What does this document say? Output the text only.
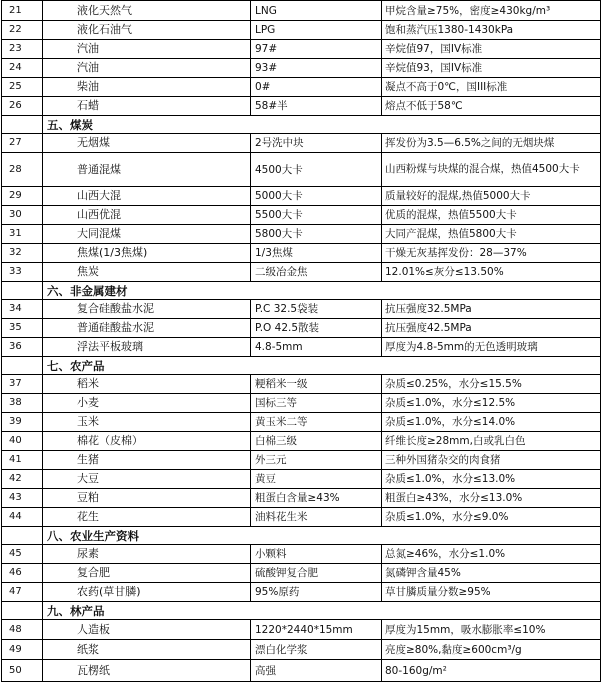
21	液化天然气	LNG	甲烷含量≥75%，密度≥430kg/m³
22	液化石油气	LPG	饱和蒸汽压1380-1430kPa
23	汽油	97#	辛烷值97，国IV标准
24	汽油	93#	辛烷值93，国IV标准
25	柴油	0#	凝点不高于0℃，国III标准
26	石蜡	58#半	熔点不低于58℃
	五、煤炭		
27	无烟煤	2号洗中块	挥发份为3.5—6.5%之间的无烟块煤
28	普通混煤	4500大卡	山西粉煤与块煤的混合煤，热值4500大卡
29	山西大混	5000大卡	质量较好的混煤,热值5000大卡
30	山西优混	5500大卡	优质的混煤，热值5500大卡
31	大同混煤	5800大卡	大同产混煤，热值5800大卡
32	焦煤(1/3焦煤)	1/3焦煤	干燥无灰基挥发份：28—37%
33	焦炭	二级冶金焦	12.01%≤灰分≤13.50%
	六、非金属建材		
34	复合硅酸盐水泥	P.C 32.5袋装	抗压强度32.5MPa
35	普通硅酸盐水泥	P.O 42.5散装	抗压强度42.5MPa
36	浮法平板玻璃	4.8-5mm	厚度为4.8-5mm的无色透明玻璃
	七、农产品		
37	稻米	粳稻米一级	杂质≤0.25%，水分≤15.5%
38	小麦	国标三等	杂质≤1.0%，水分≤12.5%
39	玉米	黄玉米二等	杂质≤1.0%，水分≤14.0%
40	棉花（皮棉）	白棉三级	纤维长度≥28mm,白或乳白色
41	生猪	外三元	三种外国猪杂交的肉食猪
42	大豆	黄豆	杂质≤1.0%，水分≤13.0%
43	豆粕	粗蛋白含量≥43%	粗蛋白≥43%，水分≤13.0%
44	花生	油料花生米	杂质≤1.0%，水分≤9.0%
	八、农业生产资料		
45	尿素	小颗料	总氮≥46%，水分≤1.0%
46	复合肥	硫酸钾复合肥	氮磷钾含量45%
47	农药(草甘膦)	95%原药	草甘膦质量分数≥95%
	九、林产品		
48	人造板	1220*2440*15mm	厚度为15mm，吸水膨胀率≤10%
49	纸浆	漂白化学浆	亮度≥80%,黏度≥600cm³/g
50	瓦楞纸	高强	80-160g/m²
